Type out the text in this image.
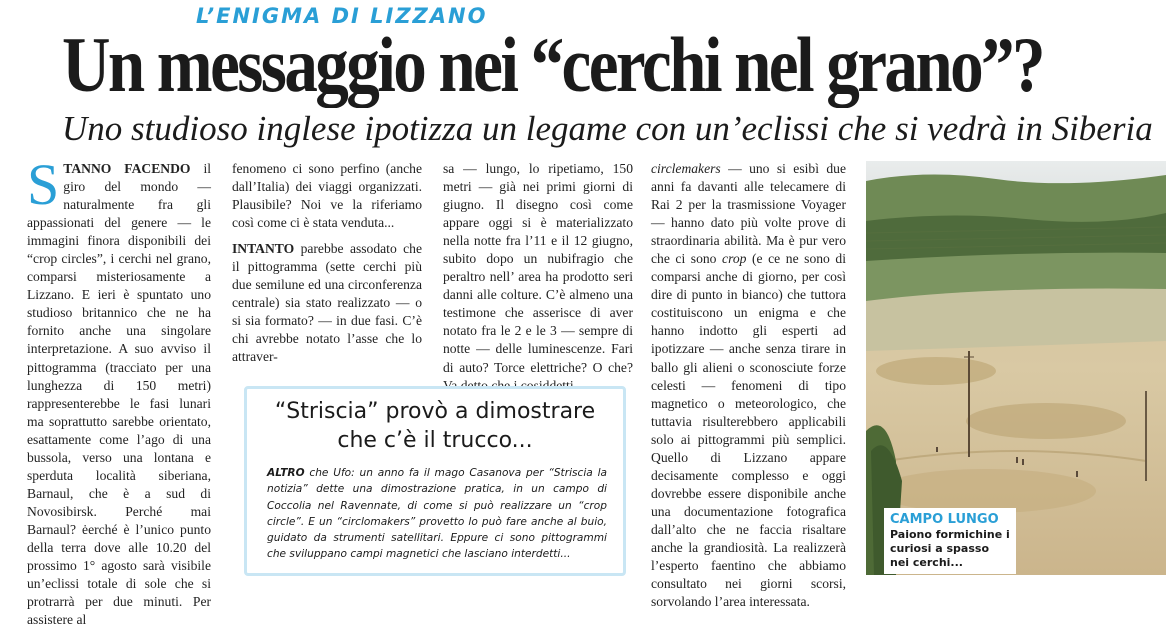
L’ENIGMA DI LIZZANO
Un messaggio nei “cerchi nel grano”?
Uno studioso inglese ipotizza un legame con un’eclissi che si vedrà in Siberia

STANNO FACENDO il giro del mondo — naturalmente fra gli appassionati del genere — le immagini finora disponibili dei “crop circles”, i cerchi nel grano, comparsi misteriosamente a Lizzano. E ieri è spuntato uno studioso britannico che ne ha fornito anche una singolare interpretazione. A suo avviso il pittogramma (tracciato per una lunghezza di 150 metri) rappresenterebbe le fasi lunari ma soprattutto sarebbe orientato, esattamente come l’ago di una bussola, verso una lontana e sperduta località siberiana, Barnaul, che è a sud di Novosibirsk. Perché mai Barnaul? ėerché è l’unico punto della terra dove alle 10.20 del prossimo 1° agosto sarà visibile un’eclissi totale di sole che si protrarrà per due minuti. Per assistere al

fenomeno ci sono perfino (anche dall’Italia) dei viaggi organizzati. Plausibile? Noi ve la riferiamo così come ci è stata venduta...

INTANTO parebbe assodato che il pittogramma (sette cerchi più due semilune ed una circonferenza centrale) sia stato realizzato — o si sia formato? — in due fasi. C’è chi avrebbe notato l’asse che lo attraver-

sa — lungo, lo ripetiamo, 150 metri — già nei primi giorni di giugno. Il disegno così come appare oggi si è materializzato nella notte fra l’11 e il 12 giugno, subito dopo un nubifragio che peraltro nell’ area ha prodotto seri danni alle colture. C’è almeno una testimone che asserisce di aver notato fra le 2 e le 3 — sempre di notte — delle luminescenze. Fari di auto? Torce elettriche? O che?

circlemakers — uno si esibì due anni fa davanti alle telecamere di Rai 2 per la trasmissione Voyager — hanno dato più volte prove di straordinaria abilità. Ma è pur vero che ci sono crop (e ce ne sono di comparsi anche di giorno, per così dire di punto in bianco) che tuttora costituiscono un enigma e che hanno indotto gli esperti ad ipotizzare — anche senza tirare in ballo gli alieni o sconosciute forze celesti — fenomeni di tipo magnetico o meteorologico, che tuttavia risulterebbero applicabili solo ai pittogrammi più semplici. Quello di Lizzano appare decisamente complesso e oggi dovrebbe essere disponibile anche una documentazione fotografica dall’alto che ne faccia risaltare anche la grandiosità. La realizzerà l’esperto faentino che abbiamo consultato nei giorni scorsi, sorvolando l’area interessata.

“Striscia” provò a dimostrare
che c’è il trucco...
ALTRO che Ufo: un anno fa il mago Casanova per “Striscia la notizia” dette una dimostrazione pratica, in un campo di Coccolia nel Ravennate, di come si può realizzare un “crop circle”. E un “circlomakers” provetto lo può fare anche al buio, guidato da strumenti satellitari. Eppure ci sono pittogrammi che sviluppano campi magnetici che lasciano interdetti...
CAMPO LUNGO
Paiono formichine i curiosi a spasso nei cerchi...
